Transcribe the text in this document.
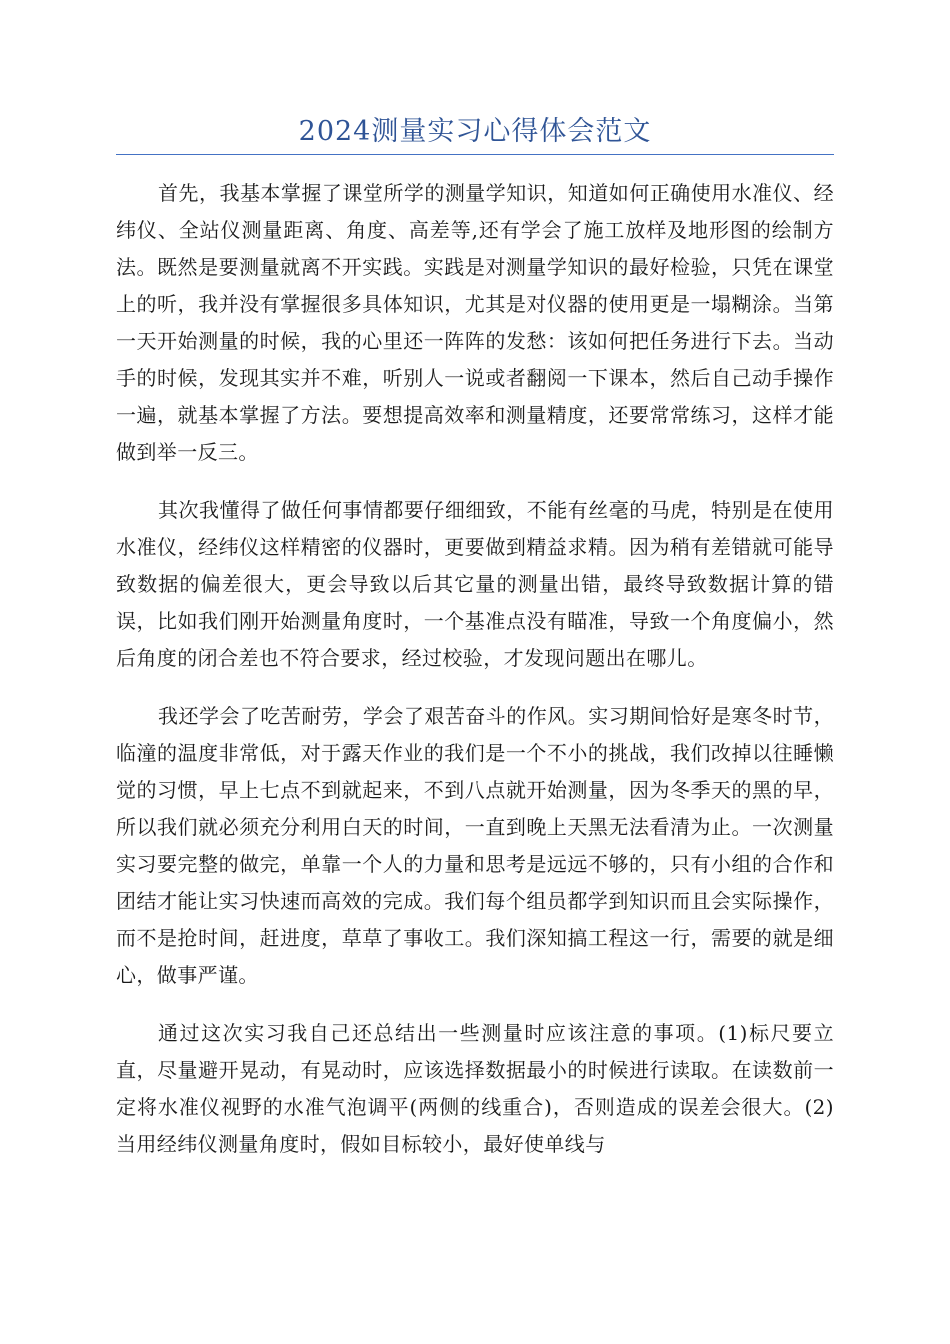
2024测量实习心得体会范文

首先，我基本掌握了课堂所学的测量学知识，知道如何正确使用水准仪、经纬仪、全站仪测量距离、角度、高差等,还有学会了施工放样及地形图的绘制方法。既然是要测量就离不开实践。实践是对测量学知识的最好检验，只凭在课堂上的听，我并没有掌握很多具体知识，尤其是对仪器的使用更是一塌糊涂。当第一天开始测量的时候，我的心里还一阵阵的发愁：该如何把任务进行下去。当动手的时候，发现其实并不难，听别人一说或者翻阅一下课本，然后自己动手操作一遍，就基本掌握了方法。要想提高效率和测量精度，还要常常练习，这样才能做到举一反三。

其次我懂得了做任何事情都要仔细细致，不能有丝毫的马虎，特别是在使用水准仪，经纬仪这样精密的仪器时，更要做到精益求精。因为稍有差错就可能导致数据的偏差很大，更会导致以后其它量的测量出错，最终导致数据计算的错误，比如我们刚开始测量角度时，一个基准点没有瞄准，导致一个角度偏小，然后角度的闭合差也不符合要求，经过校验，才发现问题出在哪儿。

我还学会了吃苦耐劳，学会了艰苦奋斗的作风。实习期间恰好是寒冬时节，临潼的温度非常低，对于露天作业的我们是一个不小的挑战，我们改掉以往睡懒觉的习惯，早上七点不到就起来，不到八点就开始测量，因为冬季天的黑的早，所以我们就必须充分利用白天的时间，一直到晚上天黑无法看清为止。一次测量实习要完整的做完，单靠一个人的力量和思考是远远不够的，只有小组的合作和团结才能让实习快速而高效的完成。我们每个组员都学到知识而且会实际操作，而不是抢时间，赶进度，草草了事收工。我们深知搞工程这一行，需要的就是细心，做事严谨。

通过这次实习我自己还总结出一些测量时应该注意的事项。(1)标尺要立直，尽量避开晃动，有晃动时，应该选择数据最小的时候进行读取。在读数前一定将水准仪视野的水准气泡调平(两侧的线重合)，否则造成的误差会很大。(2)当用经纬仪测量角度时，假如目标较小，最好使单线与
